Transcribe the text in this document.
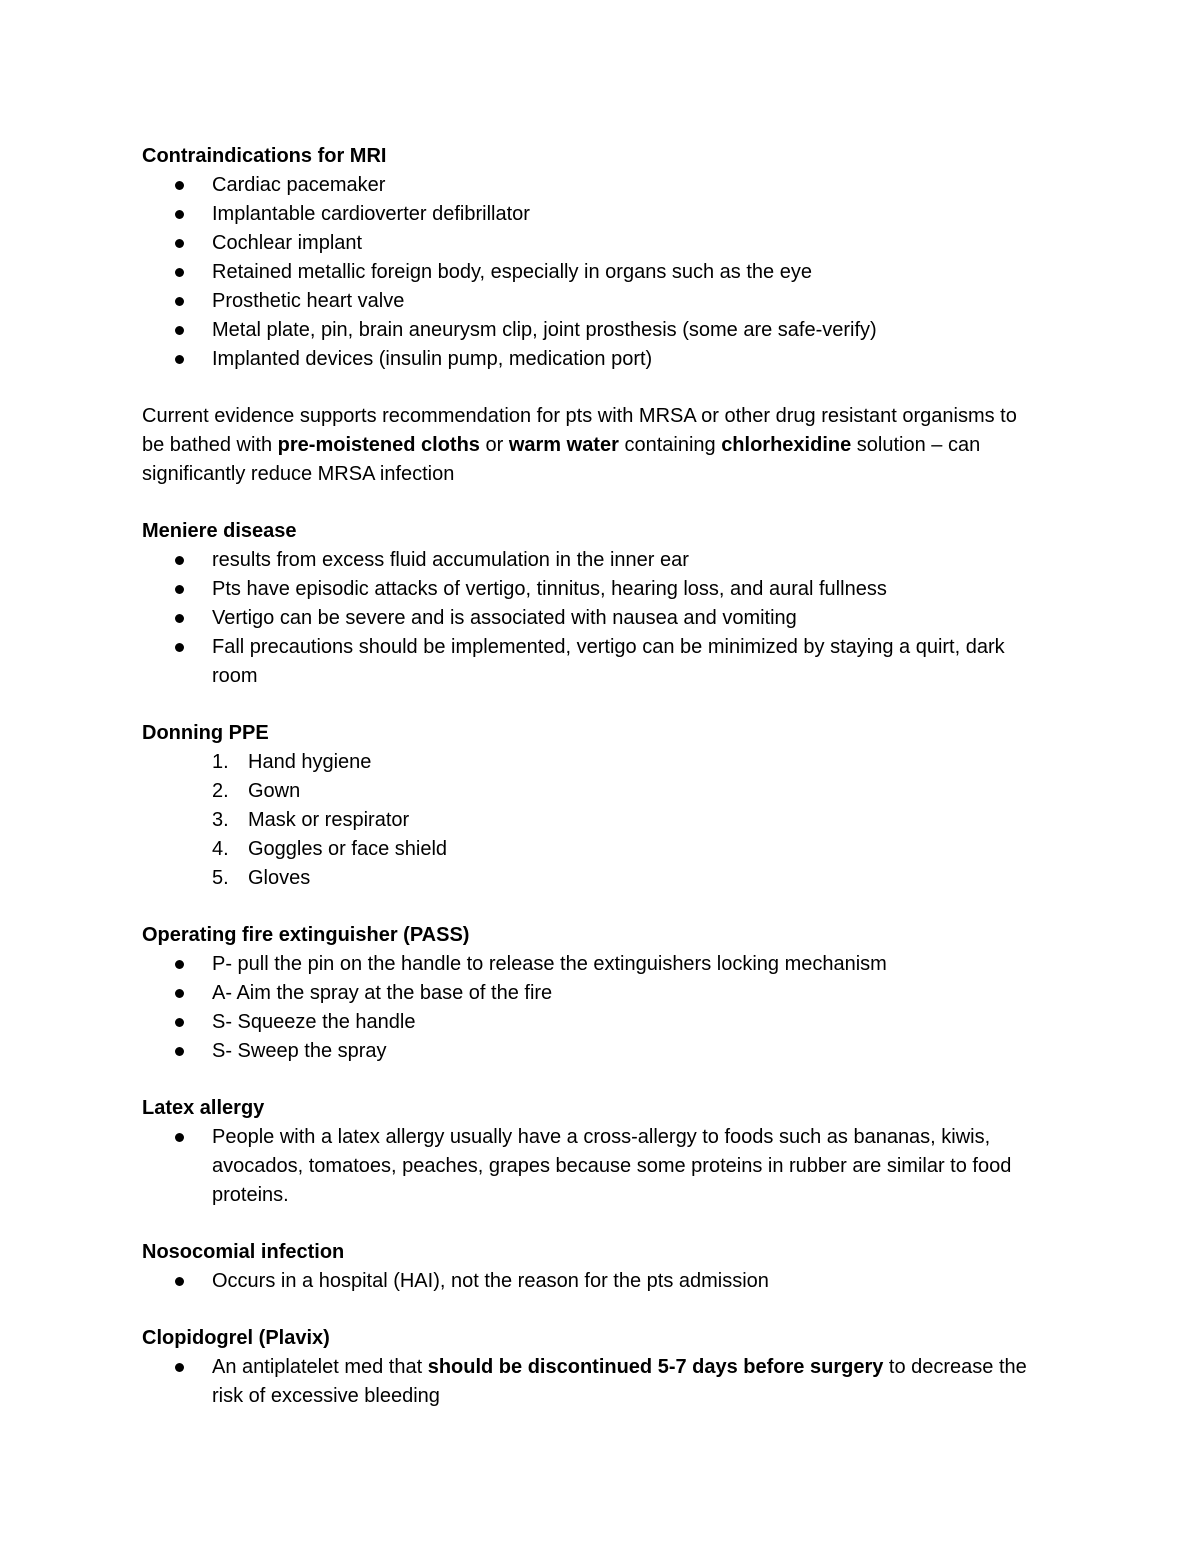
Contraindications for MRI

Cardiac pacemaker
Implantable cardioverter defibrillator
Cochlear implant
Retained metallic foreign body, especially in organs such as the eye
Prosthetic heart valve
Metal plate, pin, brain aneurysm clip, joint prosthesis (some are safe-verify)
Implanted devices (insulin pump, medication port)

Current evidence supports recommendation for pts with MRSA or other drug resistant organisms to be bathed with pre-moistened cloths or warm water containing chlorhexidine solution – can significantly reduce MRSA infection

Meniere disease

results from excess fluid accumulation in the inner ear
Pts have episodic attacks of vertigo, tinnitus, hearing loss, and aural fullness
Vertigo can be severe and is associated with nausea and vomiting
Fall precautions should be implemented, vertigo can be minimized by staying a quirt, dark room

Donning PPE

1. Hand hygiene
2. Gown
3. Mask or respirator
4. Goggles or face shield
5. Gloves

Operating fire extinguisher (PASS)

P- pull the pin on the handle to release the extinguishers locking mechanism
A- Aim the spray at the base of the fire
S- Squeeze the handle
S- Sweep the spray

Latex allergy

People with a latex allergy usually have a cross-allergy to foods such as bananas, kiwis, avocados, tomatoes, peaches, grapes because some proteins in rubber are similar to food proteins.

Nosocomial infection

Occurs in a hospital (HAI), not the reason for the pts admission

Clopidogrel (Plavix)

An antiplatelet med that should be discontinued 5-7 days before surgery to decrease the risk of excessive bleeding
